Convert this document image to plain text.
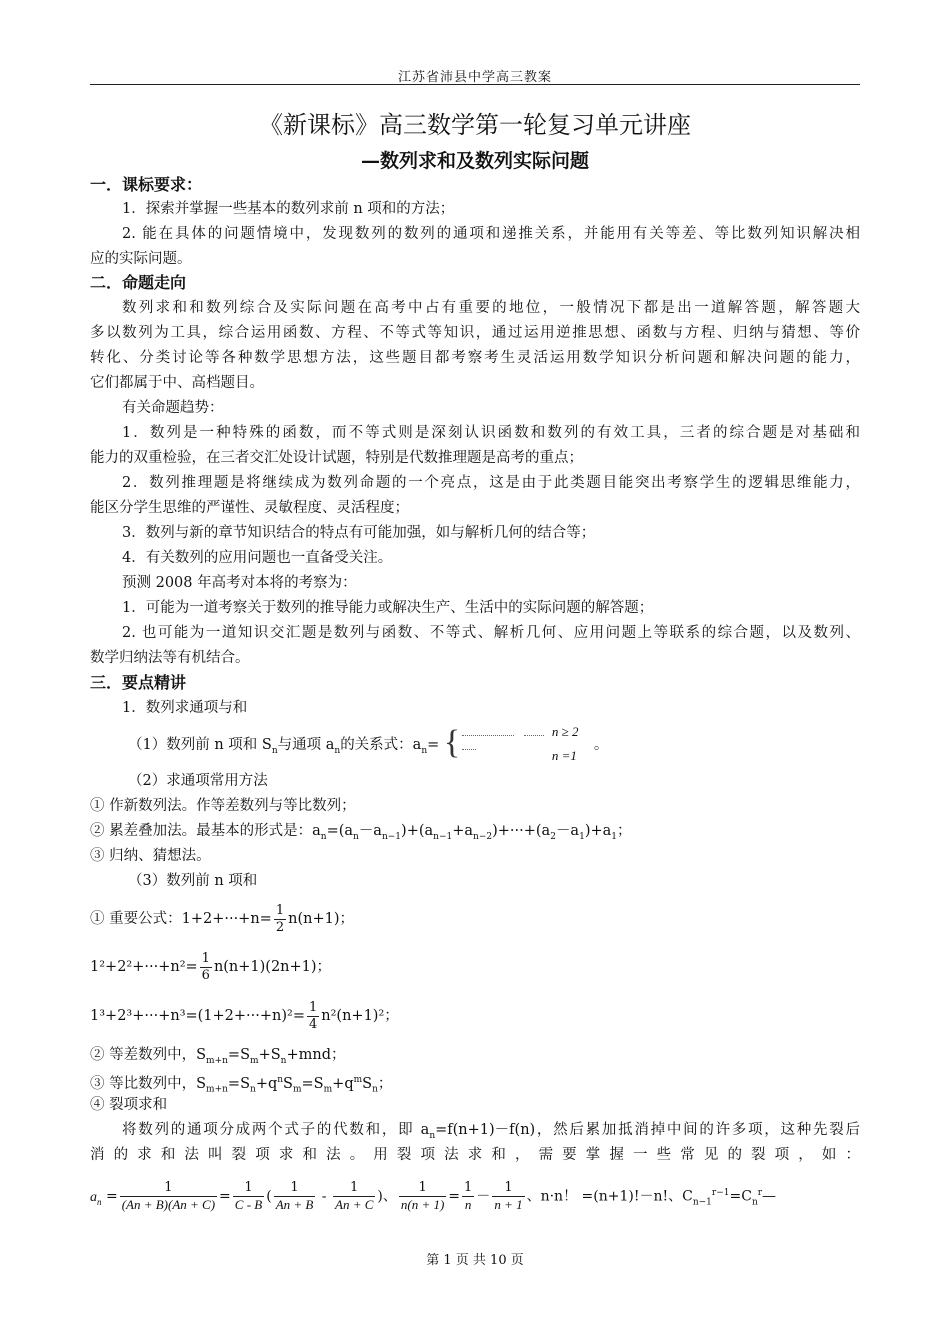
江苏省沛县中学高三教案
《新课标》高三数学第一轮复习单元讲座
—数列求和及数列实际问题
一．课标要求：
1．探索并掌握一些基本的数列求前 n 项和的方法；
2. 能在具体的问题情境中，发现数列的数列的通项和递推关系，并能用有关等差、等比数列知识解决相
应的实际问题。
二．命题走向
数列求和和数列综合及实际问题在高考中占有重要的地位，一般情况下都是出一道解答题，解答题大
多以数列为工具，综合运用函数、方程、不等式等知识，通过运用逆推思想、函数与方程、归纳与猜想、等价
转化、分类讨论等各种数学思想方法，这些题目都考察考生灵活运用数学知识分析问题和解决问题的能力，
它们都属于中、高档题目。
有关命题趋势：
1．数列是一种特殊的函数，而不等式则是深刻认识函数和数列的有效工具，三者的综合题是对基础和
能力的双重检验，在三者交汇处设计试题，特别是代数推理题是高考的重点；
2．数列推理题是将继续成为数列命题的一个亮点，这是由于此类题目能突出考察学生的逻辑思维能力，
能区分学生思维的严谨性、灵敏程度、灵活程度；
3．数列与新的章节知识结合的特点有可能加强，如与解析几何的结合等；
4．有关数列的应用问题也一直备受关注。
预测 2008 年高考对本将的考察为：
1．可能为一道考察关于数列的推导能力或解决生产、生活中的实际问题的解答题；
2. 也可能为一道知识交汇题是数列与函数、不等式、解析几何、应用问题上等联系的综合题，以及数列、
数学归纳法等有机结合。
三．要点精讲
1．数列求通项与和
（1）数列前 n 项和 $S_n$与通项 $a_n$的关系式：$a_n=$ {	n ≥ 2
n =1
。
（2）求通项常用方法
① 作新数列法。作等差数列与等比数列；
② 累差叠加法。最基本的形式是：$a_n=(a_n-a_{n-1})+(a_{n-1}+a_{n-2})+\cdot\cdot\cdot+(a_2-a_1)+a_1$；
③ 归纳、猜想法。
（3）数列前 n 项和
① 重要公式：$1+2+\cdot\cdot\cdot+n= \frac{1}{2} n(n+1)$；
$1^2+2^2+\cdot\cdot\cdot+n^2= \frac{1}{6} n(n+1)(2n+1)$；
$1^3+2^3+\cdot\cdot\cdot+n^3=(1+2+\cdot\cdot\cdot+n)^2= \frac{1}{4} n^2(n+1)^2$；
② 等差数列中，$S_{m+n}=S_m+S_n+mnd$；
③ 等比数列中，$S_{m+n}=S_n+q^nS_m=S_m+q^mS_n$；
④ 裂项求和
将数列的通项分成两个式子的代数和，即 $a_n=f(n+1)-f(n)$，然后累加抵消掉中间的许多项，这种先裂后
消的求和法叫裂项求和法。用裂项法求和，需要掌握一些常见的裂项，如：
$a_n = \frac{1}{(An + B)(An + C)} = \frac{1}{C - B}$ ( $\frac{1}{An + B} - \frac{1}{An + C}$ )、 $\frac{1}{n(n + 1)} = \frac{1}{n} - \frac{1}{n + 1}$ 、n·n！ =(n+1)!－n!、$C_{n-1}^{r-1}=C_n^r—$
第 1 页 共 10 页
